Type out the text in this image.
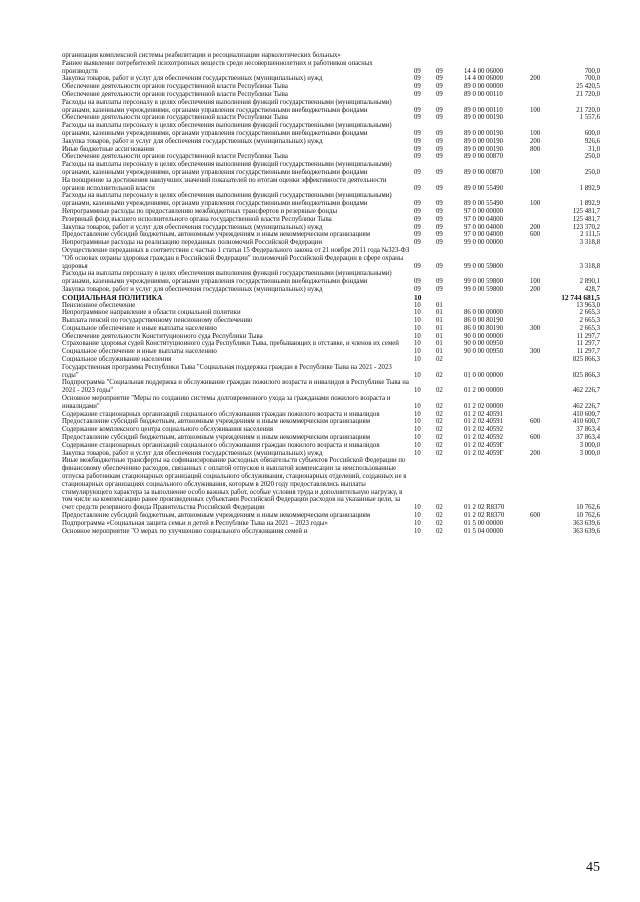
организация комплексной системы реабилитации и ресоциализации наркологических больных»					
Раннее выявление потребителей психотропных веществ среди несовершеннолетних и работников опасных производств	09	09	14 4 00 06000		700,0
Закупка товаров, работ и услуг для обеспечения государственных (муниципальных) нужд	09	09	14 4 00 06000	200	700,0
Обеспечение деятельности органов государственной власти Республики Тыва	09	09	89 0 00 00000		25 420,5
Обеспечение деятельности органов государственной власти Республики Тыва	09	09	89 0 00 00110		21 720,0
Расходы на выплаты персоналу в целях обеспечения выполнения функций государственными (муниципальными) органами, казенными учреждениями, органами управления государственными внебюджетными фондами	09	09	89 0 00 00110	100	21 720,0
Обеспечение деятельности органов государственной власти Республики Тыва	09	09	89 0 00 00190		1 557,6
Расходы на выплаты персоналу в целях обеспечения выполнения функций государственными (муниципальными) органами, казенными учреждениями, органами управления государственными внебюджетными фондами	09	09	89 0 00 00190	100	600,0
Закупка товаров, работ и услуг для обеспечения государственных (муниципальных) нужд	09	09	89 0 00 00190	200	926,6
Иные бюджетные ассигнования	09	09	89 0 00 00190	800	31,0
Обеспечение деятельности органов государственной власти Республики Тыва	09	09	89 0 00 00870		250,0
Расходы на выплаты персоналу в целях обеспечения выполнения функций государственными (муниципальными) органами, казенными учреждениями, органами управления государственными внебюджетными фондами	09	09	89 0 00 00870	100	250,0
На поощрение за достижения наилучших значений показателей по итогам оценки эффективности деятельности органов исполнительной власти	09	09	89 0 00 55490		1 892,9
Расходы на выплаты персоналу в целях обеспечения выполнения функций государственными (муниципальными) органами, казенными учреждениями, органами управления государственными внебюджетными фондами	09	09	89 0 00 55490	100	1 892,9
Непрограммные расходы по предоставлению межбюджетных трансфертов и резервные фонды	09	09	97 0 00 00000		125 481,7
Резервный фонд высшего исполнительного органа государственной власти Республики Тыва	09	09	97 0 00 04000		125 481,7
Закупка товаров, работ и услуг для обеспечения государственных (муниципальных) нужд	09	09	97 0 00 04000	200	123 370,2
Предоставление субсидий бюджетным, автономным учреждениям и иным некоммерческим организациям	09	09	97 0 00 04000	600	2 111,5
Непрограммные расходы на реализацию переданных полномочий Российской Федерации	09	09	99 0 00 00000		3 318,8
Осуществление переданных в соответствии с частью 1 статьи 15 Федерального закона от 21 ноября 2011 года №323-ФЗ "Об основах охраны здоровья граждан в Российской Федерации" полномочий Российской Федерации в сфере охраны здоровья	09	09	99 0 00 59800		3 318,8
Расходы на выплаты персоналу в целях обеспечения выполнения функций государственными (муниципальными) органами, казенными учреждениями, органами управления государственными внебюджетными фондами	09	09	99 0 00 59800	100	2 890,1
Закупка товаров, работ и услуг для обеспечения государственных (муниципальных) нужд	09	09	99 0 00 59800	200	428,7
СОЦИАЛЬНАЯ ПОЛИТИКА	10				12 744 681,5
Пенсионное обеспечение	10	01			13 963,0
Непрограммное направление в области социальной политики	10	01	86 0 00 00000		2 665,3
Выплата пенсий по государственному пенсионному обеспечению	10	01	86 0 00 80190		2 665,3
Социальное обеспечение и иные выплаты населению	10	01	86 0 00 80190	300	2 665,3
Обеспечение деятельности Конституционного суда Республики Тыва	10	01	90 0 00 00000		11 297,7
Страхование здоровья судей Конституционного суда Республики Тыва, пребывающих в отставке, и членов их семей	10	01	90 0 00 00950		11 297,7
Социальное обеспечение и иные выплаты населению	10	01	90 0 00 00950	300	11 297,7
Социальное обслуживание населения	10	02			825 866,3
Государственная программа Республики Тыва "Социальная поддержка граждан в Республике Тыва на 2021 - 2023 годы"	10	02	01 0 00 00000		825 866,3
Подпрограмма "Социальная поддержка и обслуживание граждан пожилого возраста и инвалидов в Республике Тыва на 2021 - 2023 годы"	10	02	01 2 00 00000		462 226,7
Основное мероприятие "Меры по созданию системы долговременного ухода за гражданами пожилого возраста и инвалидами"	10	02	01 2 02 00000		462 226,7
Содержание стационарных организаций социального обслуживания граждан пожилого возраста и инвалидов	10	02	01 2 02 40591		410 600,7
Предоставление субсидий бюджетным, автономным учреждениям и иным некоммерческим организациям	10	02	01 2 02 40591	600	410 600,7
Содержание комплексного центра социального обслуживания населения	10	02	01 2 02 40592		37 863,4
Предоставление субсидий бюджетным, автономным учреждениям и иным некоммерческим организациям	10	02	01 2 02 40592	600	37 863,4
Содержание стационарных организаций социального обслуживания граждан пожилого возраста и инвалидов	10	02	01 2 02 4059Г		3 000,0
Закупка товаров, работ и услуг для обеспечения государственных (муниципальных) нужд	10	02	01 2 02 4059Г	200	3 000,0
Иные межбюджетные трансферты на софинансирование расходных обязательств субъектов Российской Федерации по финансовому обеспечению расходов, связанных с оплатой отпусков и выплатой компенсации за неиспользованные отпуска работникам стационарных организаций социального обслуживания, стационарных отделений, созданных не в стационарных организациях социального обслуживания, которым в 2020 году предоставлялись выплаты стимулирующего характера за выполнение особо важных работ, особые условия труда и дополнительную нагрузку, в том числе на компенсацию ранее произведенных субъектами Российской Федерации расходов на указанные цели, за счет средств резервного фонда Правительства Российской Федерации	10	02	01 2 02 R8370		10 762,6
Предоставление субсидий бюджетным, автономным учреждениям и иным некоммерческим организациям	10	02	01 2 02 R8370	600	10 762,6
Подпрограмма «Социальная защита семьи и детей в Республике Тыва на 2021 – 2023 годы»	10	02	01 5 00 00000		363 639,6
Основное мероприятие "О мерах по улучшению социального обслуживания семей и	10	02	01 5 04 00000		363 639,6
45
